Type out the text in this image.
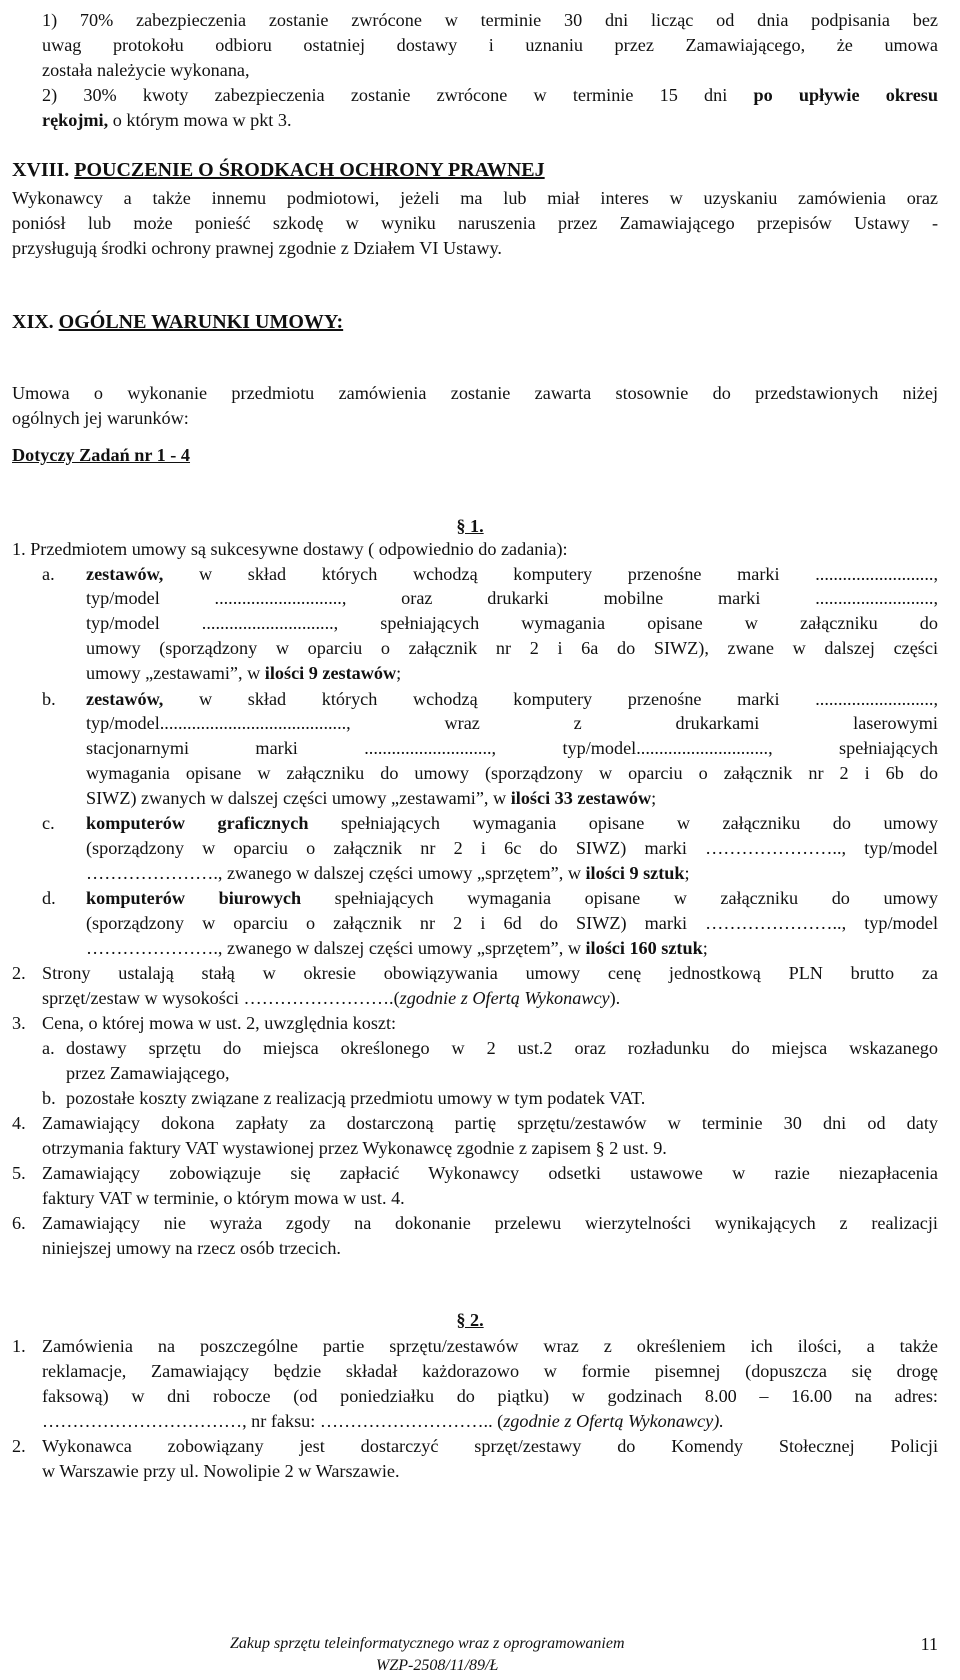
1) 70% zabezpieczenia zostanie zwrócone w terminie 30 dni licząc od dnia podpisania bez
uwag protokołu odbioru ostatniej dostawy i uznaniu przez Zamawiającego, że umowa
została należycie wykonana,
2) 30% kwoty zabezpieczenia zostanie zwrócone w terminie 15 dni po upływie okresu
rękojmi, o którym mowa w pkt 3.
XVIII. POUCZENIE O ŚRODKACH OCHRONY PRAWNEJ
Wykonawcy a także innemu podmiotowi, jeżeli ma lub miał interes w uzyskaniu zamówienia oraz
poniósł lub może ponieść szkodę w wyniku naruszenia przez Zamawiającego przepisów Ustawy -
przysługują środki ochrony prawnej zgodnie z Działem VI Ustawy.
XIX. OGÓLNE WARUNKI UMOWY:
Umowa o wykonanie przedmiotu zamówienia zostanie zawarta stosownie do przedstawionych niżej
ogólnych jej warunków:
Dotyczy Zadań nr 1 - 4
§ 1.
1. Przedmiotem umowy są sukcesywne dostawy ( odpowiednio do zadania):
a. zestawów, w skład których wchodzą komputery przenośne marki ..........................,
typ/model ............................, oraz drukarki mobilne marki ..........................,
typ/model ............................., spełniających wymagania opisane w załączniku do
umowy (sporządzony w oparciu o załącznik nr 2 i 6a do SIWZ), zwane w dalszej części
umowy „zestawami”, w ilości 9 zestawów;
b. zestawów, w skład których wchodzą komputery przenośne marki ..........................,
typ/model........................................., wraz z drukarkami laserowymi
stacjonarnymi marki ............................, typ/model............................., spełniających
wymagania opisane w załączniku do umowy (sporządzony w oparciu o załącznik nr 2 i 6b do
SIWZ) zwanych w dalszej części umowy „zestawami”, w ilości 33 zestawów;
c. komputerów graficznych spełniających wymagania opisane w załączniku do umowy
(sporządzony w oparciu o załącznik nr 2 i 6c do SIWZ) marki ………………….., typ/model
…………………., zwanego w dalszej części umowy „sprzętem”, w ilości 9 sztuk;
d. komputerów biurowych spełniających wymagania opisane w załączniku do umowy
(sporządzony w oparciu o załącznik nr 2 i 6d do SIWZ) marki ………………….., typ/model
…………………., zwanego w dalszej części umowy „sprzętem”, w ilości 160 sztuk;
2. Strony ustalają stałą w okresie obowiązywania umowy cenę jednostkową PLN brutto za
sprzęt/zestaw w wysokości …………………….(zgodnie z Ofertą Wykonawcy).
3. Cena, o której mowa w ust. 2, uwzględnia koszt:
a. dostawy sprzętu do miejsca określonego w 2 ust.2 oraz rozładunku do miejsca wskazanego
przez Zamawiającego,
b. pozostałe koszty związane z realizacją przedmiotu umowy w tym podatek VAT.
4. Zamawiający dokona zapłaty za dostarczoną partię sprzętu/zestawów w terminie 30 dni od daty
otrzymania faktury VAT wystawionej przez Wykonawcę zgodnie z zapisem § 2 ust. 9.
5. Zamawiający zobowiązuje się zapłacić Wykonawcy odsetki ustawowe w razie niezapłacenia
faktury VAT w terminie, o którym mowa w ust. 4.
6. Zamawiający nie wyraża zgody na dokonanie przelewu wierzytelności wynikających z realizacji
niniejszej umowy na rzecz osób trzecich.
§ 2.
1. Zamówienia na poszczególne partie sprzętu/zestawów wraz z określeniem ich ilości, a także
reklamacje, Zamawiający będzie składał każdorazowo w formie pisemnej (dopuszcza się drogę
faksową) w dni robocze (od poniedziałku do piątku) w godzinach 8.00 – 16.00 na adres:
……………………………, nr faksu: ……………………….. (zgodnie z Ofertą Wykonawcy).
2. Wykonawca zobowiązany jest dostarczyć sprzęt/zestawy do Komendy Stołecznej Policji
w Warszawie przy ul. Nowolipie 2 w Warszawie.
Zakup sprzętu teleinformatycznego wraz z oprogramowaniem
WZP-2508/11/89/Ł
11
